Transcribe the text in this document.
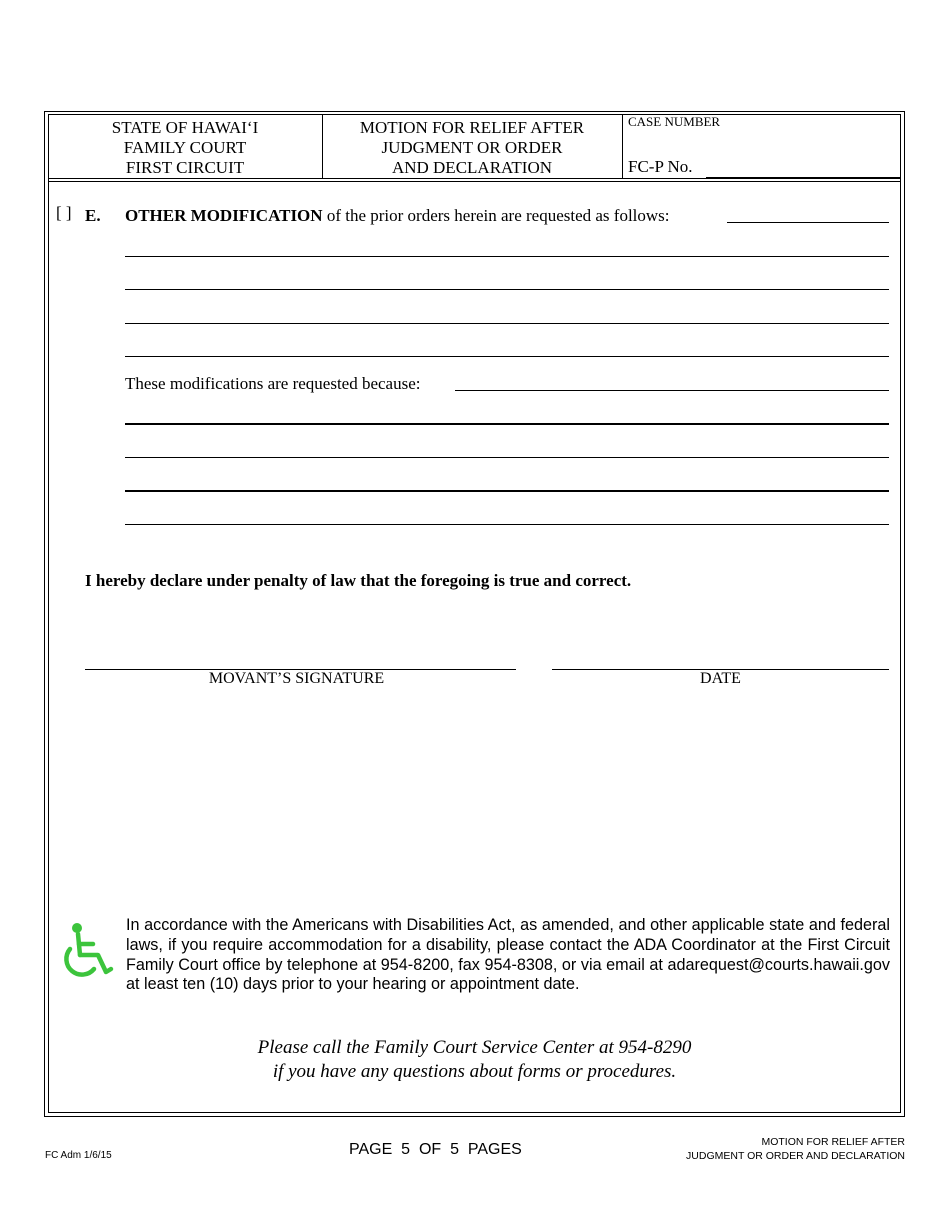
STATE OF HAWAI‘I
FAMILY COURT
FIRST CIRCUIT
MOTION FOR RELIEF AFTER
JUDGMENT OR ORDER
AND DECLARATION
CASE NUMBER
FC-P No.
[ ] E. OTHER MODIFICATION of the prior orders herein are requested as follows:
These modifications are requested because:
I hereby declare under penalty of law that the foregoing is true and correct.
MOVANT’S SIGNATURE	DATE
In accordance with the Americans with Disabilities Act, as amended, and other applicable state and federal laws, if you require accommodation for a disability, please contact the ADA Coordinator at the First Circuit Family Court office by telephone at 954-8200, fax 954-8308, or via email at adarequest@courts.hawaii.gov at least ten (10) days prior to your hearing or appointment date.
Please call the Family Court Service Center at 954-8290
if you have any questions about forms or procedures.
FC Adm 1/6/15	PAGE  5  OF  5  PAGES	MOTION FOR RELIEF AFTER
JUDGMENT OR ORDER AND DECLARATION
